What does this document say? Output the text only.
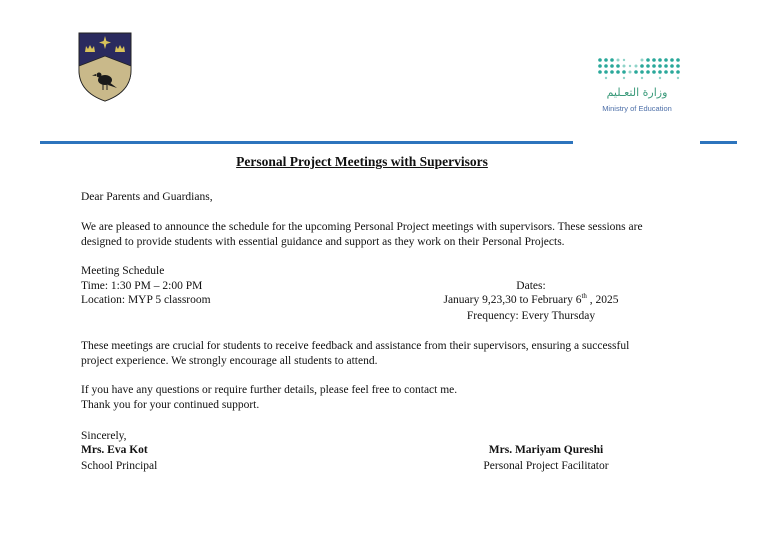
وزارة التعـليم
Ministry of Education
Personal Project Meetings with Supervisors
Dear Parents and Guardians,
We are pleased to announce the schedule for the upcoming Personal Project meetings with supervisors. These sessions are designed to provide students with essential guidance and support as they work on their Personal Projects.
Meeting Schedule
Time: 1:30 PM – 2:00 PM
Location: MYP 5 classroom
Dates:
January 9,23,30 to February 6th , 2025
Frequency: Every Thursday
These meetings are crucial for students to receive feedback and assistance from their supervisors, ensuring a successful project experience. We strongly encourage all students to attend.
If you have any questions or require further details, please feel free to contact me.
Thank you for your continued support.
Sincerely,
Mrs. Eva Kot
School Principal
Mrs. Mariyam Qureshi
Personal Project Facilitator
